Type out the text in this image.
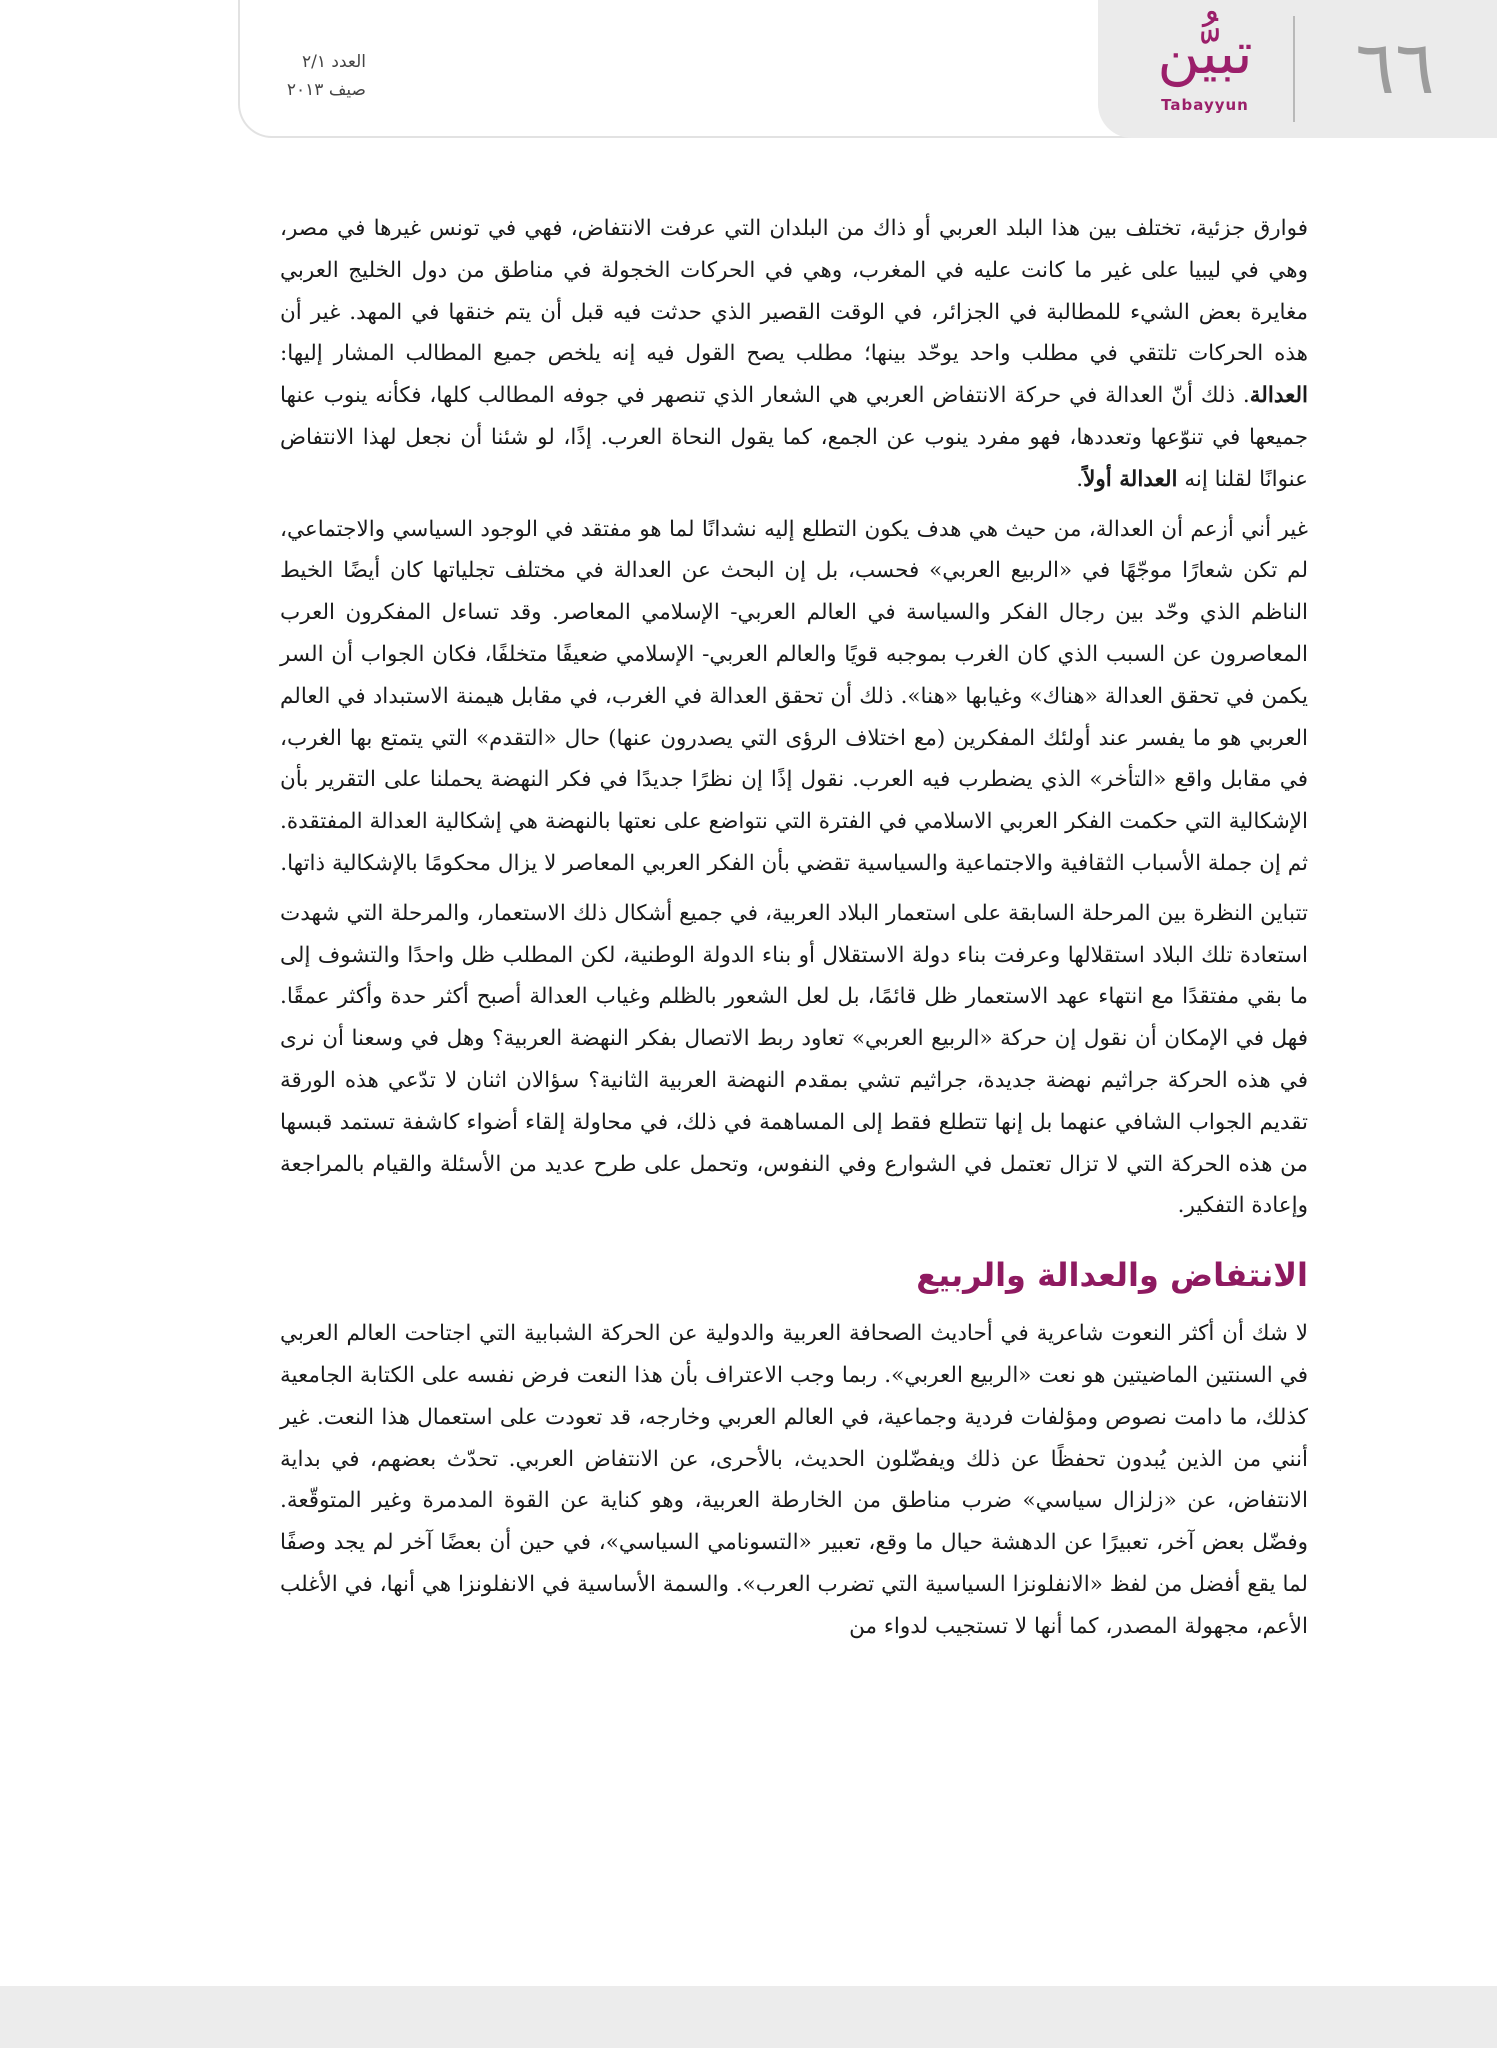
٦٦
تبيُّن
Tabayyun
العدد ٢/١
صيف ٢٠١٣

فوارق جزئية، تختلف بين هذا البلد العربي أو ذاك من البلدان التي عرفت الانتفاض، فهي في تونس غيرها في مصر، وهي في ليبيا على غير ما كانت عليه في المغرب، وهي في الحركات الخجولة في مناطق من دول الخليج العربي مغايرة بعض الشيء للمطالبة في الجزائر، في الوقت القصير الذي حدثت فيه قبل أن يتم خنقها في المهد. غير أن هذه الحركات تلتقي في مطلب واحد يوحّد بينها؛ مطلب يصح القول فيه إنه يلخص جميع المطالب المشار إليها: العدالة. ذلك أنّ العدالة في حركة الانتفاض العربي هي الشعار الذي تنصهر في جوفه المطالب كلها، فكأنه ينوب عنها جميعها في تنوّعها وتعددها، فهو مفرد ينوب عن الجمع، كما يقول النحاة العرب. إذًا، لو شئنا أن نجعل لهذا الانتفاض عنوانًا لقلنا إنه العدالة أولاً.

غير أني أزعم أن العدالة، من حيث هي هدف يكون التطلع إليه نشدانًا لما هو مفتقد في الوجود السياسي والاجتماعي، لم تكن شعارًا موجّهًا في «الربيع العربي» فحسب، بل إن البحث عن العدالة في مختلف تجلياتها كان أيضًا الخيط الناظم الذي وحّد بين رجال الفكر والسياسة في العالم العربي- الإسلامي المعاصر. وقد تساءل المفكرون العرب المعاصرون عن السبب الذي كان الغرب بموجبه قويًا والعالم العربي- الإسلامي ضعيفًا متخلفًا، فكان الجواب أن السر يكمن في تحقق العدالة «هناك» وغيابها «هنا». ذلك أن تحقق العدالة في الغرب، في مقابل هيمنة الاستبداد في العالم العربي هو ما يفسر عند أولئك المفكرين (مع اختلاف الرؤى التي يصدرون عنها) حال «التقدم» التي يتمتع بها الغرب، في مقابل واقع «التأخر» الذي يضطرب فيه العرب. نقول إذًا إن نظرًا جديدًا في فكر النهضة يحملنا على التقرير بأن الإشكالية التي حكمت الفكر العربي الاسلامي في الفترة التي نتواضع على نعتها بالنهضة هي إشكالية العدالة المفتقدة. ثم إن جملة الأسباب الثقافية والاجتماعية والسياسية تقضي بأن الفكر العربي المعاصر لا يزال محكومًا بالإشكالية ذاتها.

تتباين النظرة بين المرحلة السابقة على استعمار البلاد العربية، في جميع أشكال ذلك الاستعمار، والمرحلة التي شهدت استعادة تلك البلاد استقلالها وعرفت بناء دولة الاستقلال أو بناء الدولة الوطنية، لكن المطلب ظل واحدًا والتشوف إلى ما بقي مفتقدًا مع انتهاء عهد الاستعمار ظل قائمًا، بل لعل الشعور بالظلم وغياب العدالة أصبح أكثر حدة وأكثر عمقًا. فهل في الإمكان أن نقول إن حركة «الربيع العربي» تعاود ربط الاتصال بفكر النهضة العربية؟ وهل في وسعنا أن نرى في هذه الحركة جراثيم نهضة جديدة، جراثيم تشي بمقدم النهضة العربية الثانية؟ سؤالان اثنان لا تدّعي هذه الورقة تقديم الجواب الشافي عنهما بل إنها تتطلع فقط إلى المساهمة في ذلك، في محاولة إلقاء أضواء كاشفة تستمد قبسها من هذه الحركة التي لا تزال تعتمل في الشوارع وفي النفوس، وتحمل على طرح عديد من الأسئلة والقيام بالمراجعة وإعادة التفكير.

الانتفاض والعدالة والربيع

لا شك أن أكثر النعوت شاعرية في أحاديث الصحافة العربية والدولية عن الحركة الشبابية التي اجتاحت العالم العربي في السنتين الماضيتين هو نعت «الربيع العربي». ربما وجب الاعتراف بأن هذا النعت فرض نفسه على الكتابة الجامعية كذلك، ما دامت نصوص ومؤلفات فردية وجماعية، في العالم العربي وخارجه، قد تعودت على استعمال هذا النعت. غير أنني من الذين يُبدون تحفظًا عن ذلك ويفضّلون الحديث، بالأحرى، عن الانتفاض العربي. تحدّث بعضهم، في بداية الانتفاض، عن «زلزال سياسي» ضرب مناطق من الخارطة العربية، وهو كناية عن القوة المدمرة وغير المتوقّعة. وفضّل بعض آخر، تعبيرًا عن الدهشة حيال ما وقع، تعبير «التسونامي السياسي»، في حين أن بعضًا آخر لم يجد وصفًا لما يقع أفضل من لفظ «الانفلونزا السياسية التي تضرب العرب». والسمة الأساسية في الانفلونزا هي أنها، في الأغلب الأعم، مجهولة المصدر، كما أنها لا تستجيب لدواء من
